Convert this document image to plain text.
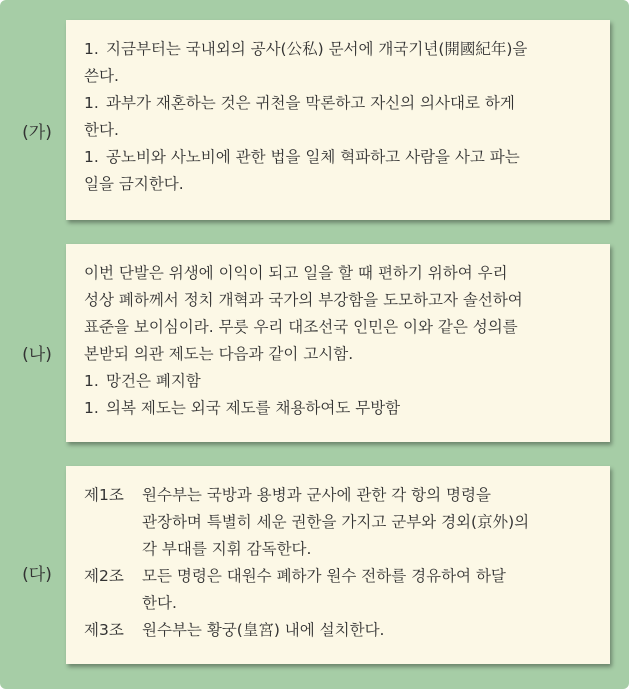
(가)
1. 지금부터는 국내외의 공사(公私) 문서에 개국기년(開國紀年)을
쓴다.
1. 과부가 재혼하는 것은 귀천을 막론하고 자신의 의사대로 하게
한다.
1. 공노비와 사노비에 관한 법을 일체 혁파하고 사람을 사고 파는
일을 금지한다.
(나)
이번 단발은 위생에 이익이 되고 일을 할 때 편하기 위하여 우리
성상 폐하께서 정치 개혁과 국가의 부강함을 도모하고자 솔선하여
표준을 보이심이라. 무릇 우리 대조선국 인민은 이와 같은 성의를
본받되 의관 제도는 다음과 같이 고시함.
1. 망건은 폐지함
1. 의복 제도는 외국 제도를 채용하여도 무방함
(다)
제1조 원수부는 국방과 용병과 군사에 관한 각 항의 명령을
관장하며 특별히 세운 권한을 가지고 군부와 경외(京外)의
각 부대를 지휘 감독한다.
제2조 모든 명령은 대원수 폐하가 원수 전하를 경유하여 하달
한다.
제3조 원수부는 황궁(皇宮) 내에 설치한다.
